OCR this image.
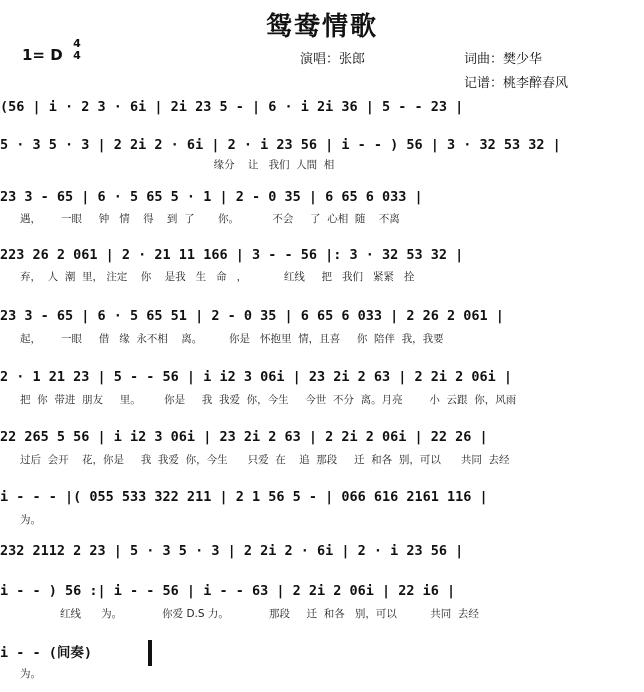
鸳鸯情歌
1= D
4
4	演唱：张郎	词曲：樊少华
记谱：桃李醉春风
(56 | i · 2 3 · 6i | 2i 23 5 - | 6 · i 2i 36 | 5 - - 23 |
5 · 3 5 · 3 | 2 2i 2 · 6i | 2 · i 23 56 | i - - ) 56 | 3 · 32 53 32 |
缘分    让   我们  人間  相
23 3 - 65 | 6 · 5 65 5 · 1 | 2 - 0 35 | 6 65 6 033 |
遇，      一眼     钟   情    得    到  了       你。          不会     了  心相  随    不离
223 26 2 061 | 2 · 21 11 166 | 3 - - 56 |: 3 · 32 53 32 |
弃，  人  潮  里， 注定    你    是我   生   命   ，           红线     把   我们   紧紧   拴
23 3 - 65 | 6 · 5 65 51 | 2 - 0 35 | 6 65 6 033 | 2 26 2 061 |
起，      一眼     借   缘  永不相    离。        你是   怀抱里  情，且喜     你  陪伴  我，我要
2 · 1 21 23 | 5 - - 56 | i i2 3 06i | 23 2i 2 63 | 2 2i 2 06i |
把  你  带进  朋友     里。       你是     我  我爱  你，今生     今世  不分  离。月亮        小  云跟  你，风雨
22 265 5 56 | i i2 3 06i | 23 2i 2 63 | 2 2i 2 06i | 22 26 |
过后  会开    花，你是     我  我爱  你，今生      只爱  在    追  那段     迁  和各  别，可以      共同  去经
i - - - |( 055 533 322 211 | 2 1 56 5 - | 066 616 2161 116 |
为。
232 2112 2 23 | 5 · 3 5 · 3 | 2 2i 2 · 6i | 2 · i 23 56 |
i - - ) 56 :| i - - 56 | i - - 63 | 2 2i 2 06i | 22 i6 |
红线      为。            你爱 D.S 力。            那段     迁  和各   别，可以          共同  去经
i - - (间奏)
为。
